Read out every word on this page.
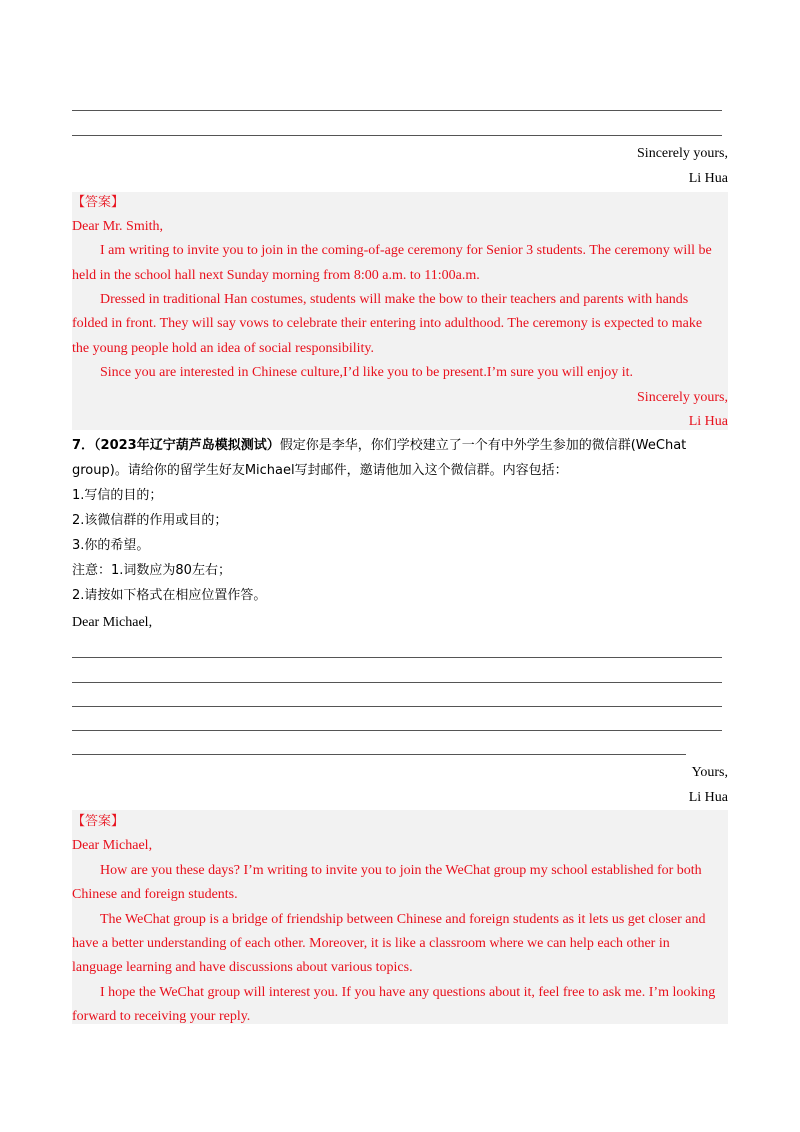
Sincerely yours,
Li Hua
【答案】
Dear Mr. Smith,
I am writing to invite you to join in the coming-of-age ceremony for Senior 3 students. The ceremony will be
held in the school hall next Sunday morning from 8:00 a.m. to 11:00a.m.
Dressed in traditional Han costumes, students will make the bow to their teachers and parents with hands
folded in front. They will say vows to celebrate their entering into adulthood. The ceremony is expected to make
the young people hold an idea of social responsibility.
Since you are interested in Chinese culture,I’d like you to be present.I’m sure you will enjoy it.
Sincerely yours,
Li Hua
7．（2023年辽宁葫芦岛模拟测试）假定你是李华，你们学校建立了一个有中外学生参加的微信群(WeChat
group)。请给你的留学生好友Michael写封邮件，邀请他加入这个微信群。内容包括：
1.写信的目的；
2.该微信群的作用或目的；
3.你的希望。
注意：1.词数应为80左右；
2.请按如下格式在相应位置作答。
Dear Michael,
Yours,
Li Hua
【答案】
Dear Michael,
How are you these days? I’m writing to invite you to join the WeChat group my school established for both
Chinese and foreign students.
The WeChat group is a bridge of friendship between Chinese and foreign students as it lets us get closer and
have a better understanding of each other. Moreover, it is like a classroom where we can help each other in
language learning and have discussions about various topics.
I hope the WeChat group will interest you. If you have any questions about it, feel free to ask me. I’m looking
forward to receiving your reply.
